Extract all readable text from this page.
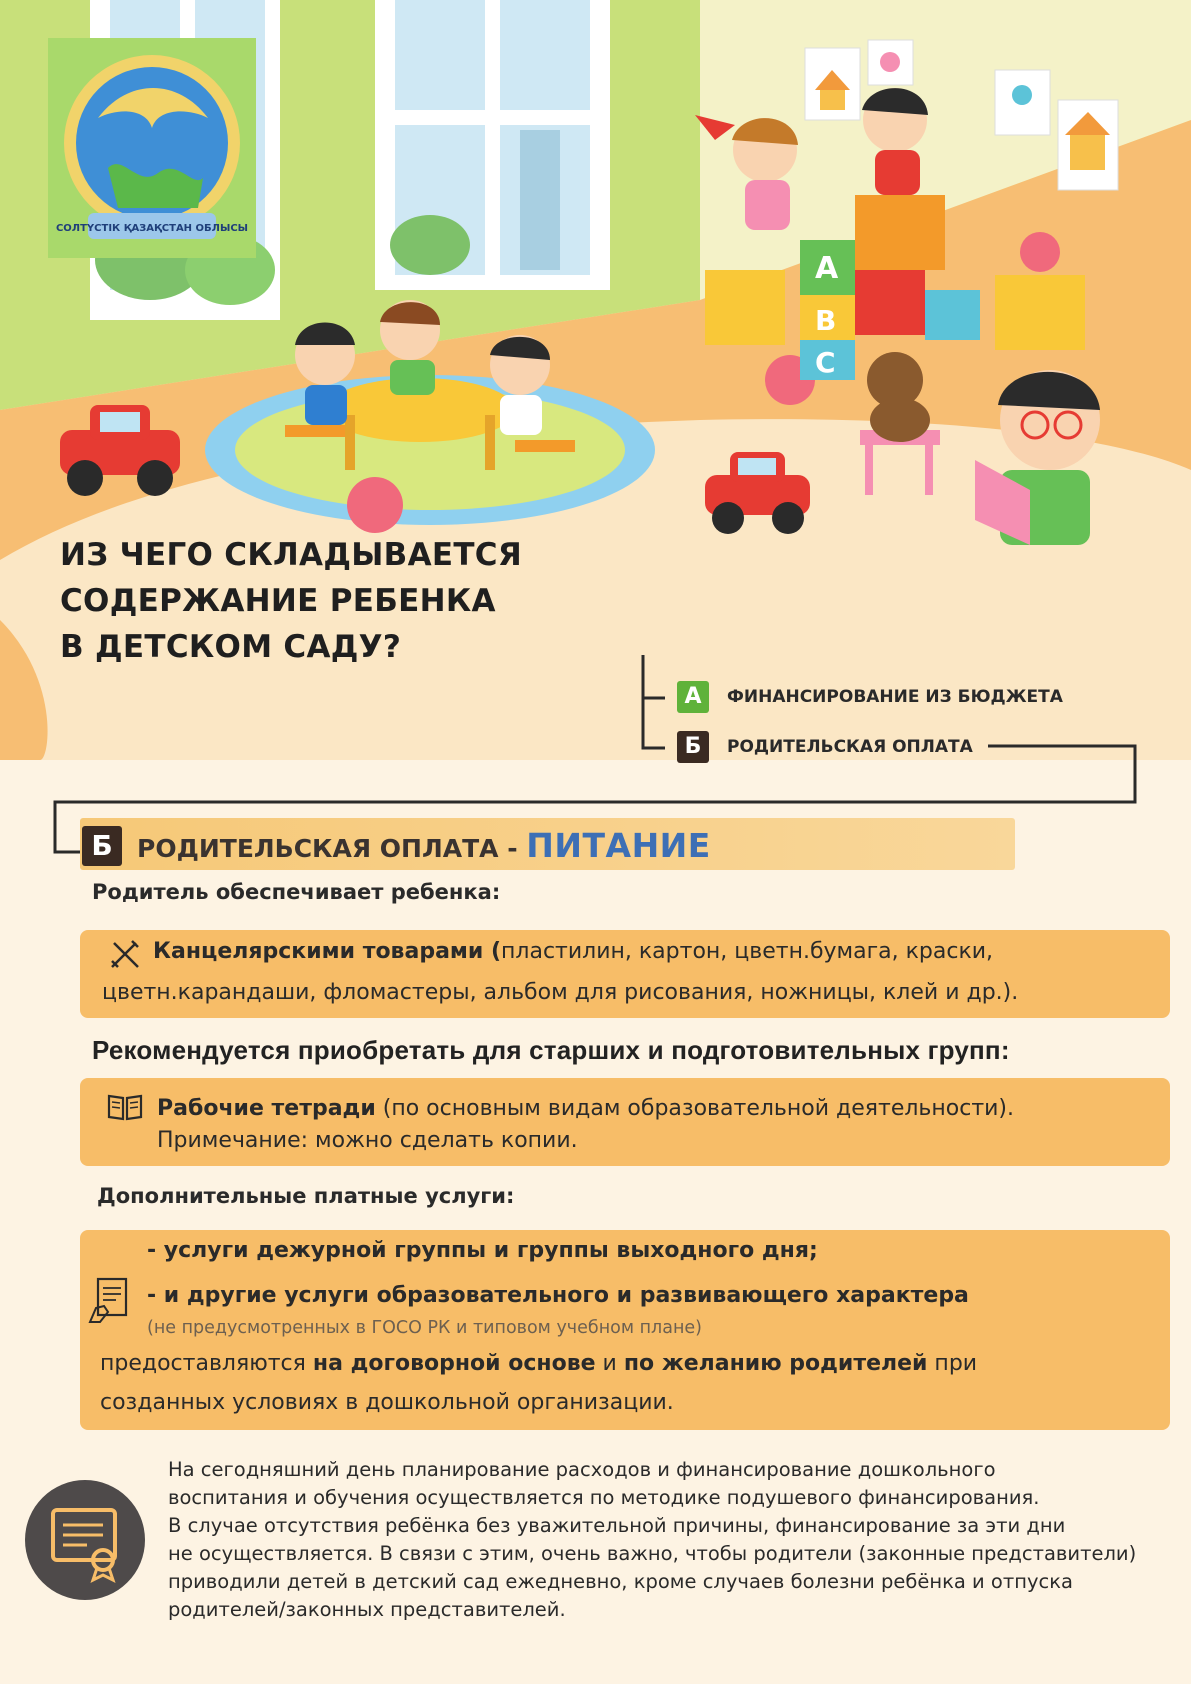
A
B
C
СОЛТҮСТІК ҚАЗАҚСТАН ОБЛЫСЫ
ИЗ ЧЕГО СКЛАДЫВАЕТСЯ
СОДЕРЖАНИЕ РЕБЕНКА
В ДЕТСКОМ САДУ?
А	ФИНАНСИРОВАНИЕ ИЗ БЮДЖЕТА
Б	РОДИТЕЛЬСКАЯ ОПЛАТА
Б РОДИТЕЛЬСКАЯ ОПЛАТА - ПИТАНИЕ
Родитель обеспечивает ребенка:
Канцелярскими товарами (пластилин, картон, цветн.бумага, краски,
цветн.карандаши, фломастеры, альбом для рисования, ножницы, клей и др.).
Рекомендуется приобретать для старших и подготовительных групп:
Рабочие тетради (по основным видам образовательной деятельности).
Примечание: можно сделать копии.
Дополнительные платные услуги:
- услуги дежурной группы и группы выходного дня;
- и другие услуги образовательного и развивающего характера
(не предусмотренных в ГОСО РК и типовом учебном плане)
предоставляются на договорной основе и по желанию родителей при
созданных условиях в дошкольной организации.
На сегодняшний день планирование расходов и финансирование дошкольного
воспитания и обучения осуществляется по методике подушевого финансирования.
В случае отсутствия ребёнка без уважительной причины, финансирование за эти дни
не осуществляется. В связи с этим, очень важно, чтобы родители (законные представители)
приводили детей в детский сад ежедневно, кроме случаев болезни ребёнка и отпуска
родителей/законных представителей.
